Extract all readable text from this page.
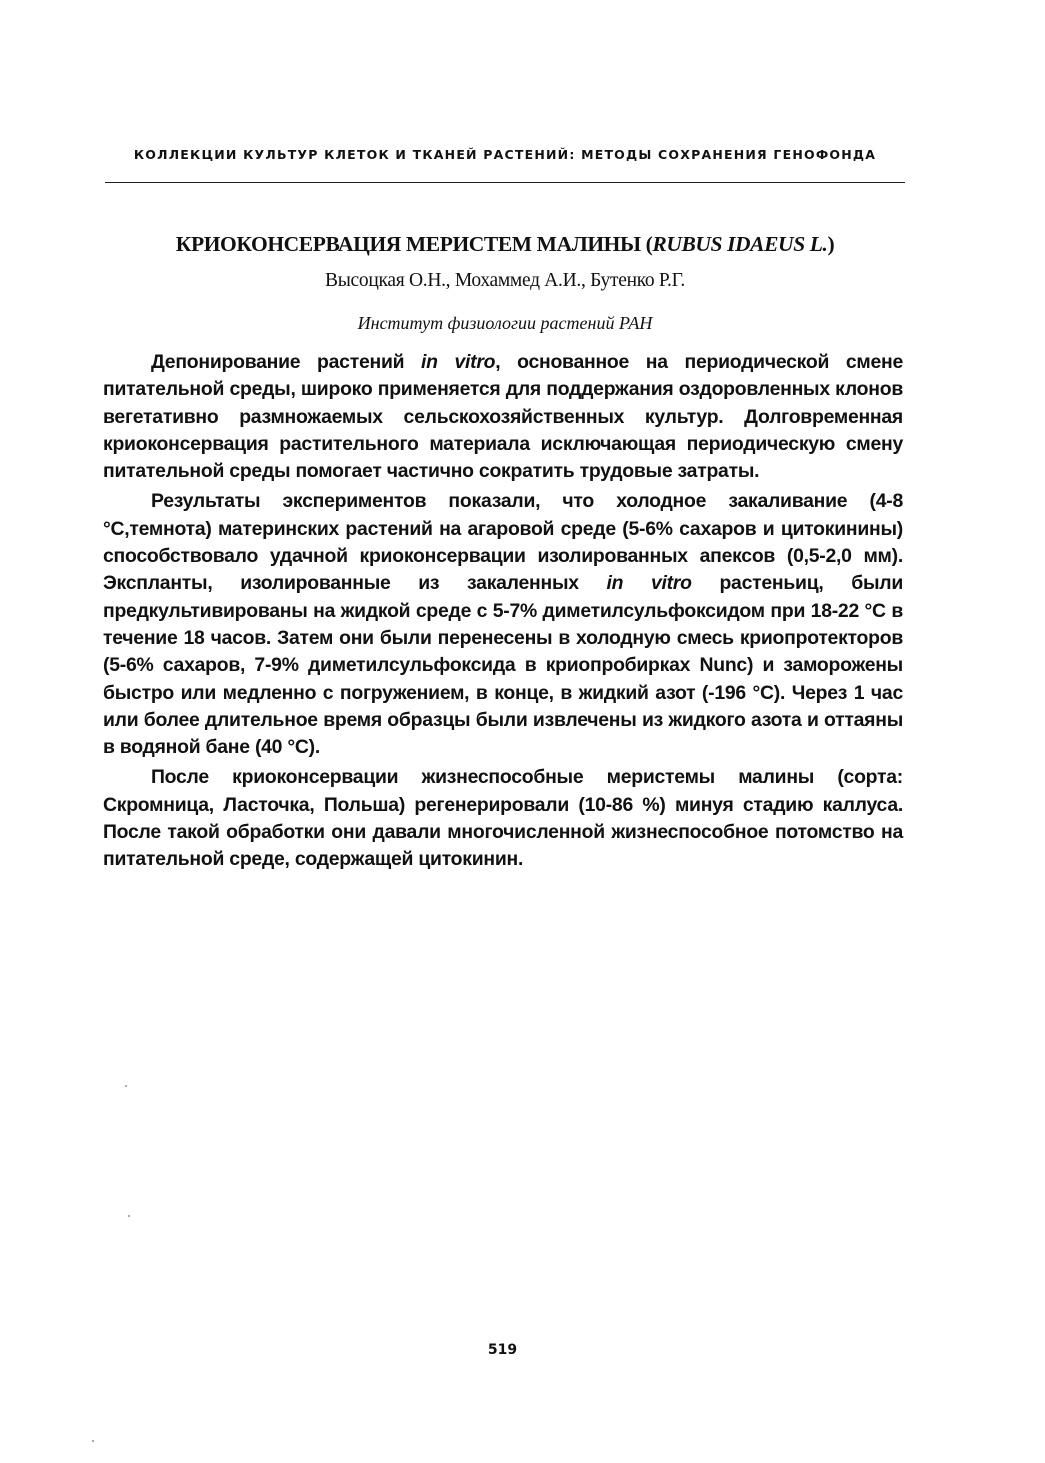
КОЛЛЕКЦИИ КУЛЬТУР КЛЕТОК И ТКАНЕЙ РАСТЕНИЙ: МЕТОДЫ СОХРАНЕНИЯ ГЕНОФОНДА
КРИОКОНСЕРВАЦИЯ МЕРИСТЕМ МАЛИНЫ (RUBUS IDAEUS L.)
Высоцкая О.Н., Мохаммед А.И., Бутенко Р.Г.
Институт физиологии растений РАН

Депонирование растений in vitro, основанное на периодической смене питательной среды, широко применяется для поддержания оздоровленных клонов вегетативно размножаемых сельскохозяйственных культур. Долговременная криоконсервация растительного материала исключающая периодическую смену питательной среды помогает частично сократить трудовые затраты.

Результаты экспериментов показали, что холодное закаливание (4-8 °С,темнота) материнских растений на агаровой среде (5-6% сахаров и цитокинины) способствовало удачной криоконсервации изолированных апексов (0,5-2,0 мм). Экспланты, изолированные из закаленных in vitro растеньиц, были предкультивированы на жидкой среде с 5-7% диметилсульфоксидом при 18-22 °С в течение 18 часов. Затем они были перенесены в холодную смесь криопротекторов (5-6% сахаров, 7-9% диметилсульфоксида в криопробирках Nunc) и заморожены быстро или медленно с погружением, в конце, в жидкий азот (-196 °С). Через 1 час или более длительное время образцы были извлечены из жидкого азота и оттаяны в водяной бане (40 °С).

После криоконсервации жизнеспособные меристемы малины (сорта: Скромница, Ласточка, Польша) регенерировали (10-86 %) минуя стадию каллуса. После такой обработки они давали многочисленной жизнеспособное потомство на питательной среде, содержащей цитокинин.

519
